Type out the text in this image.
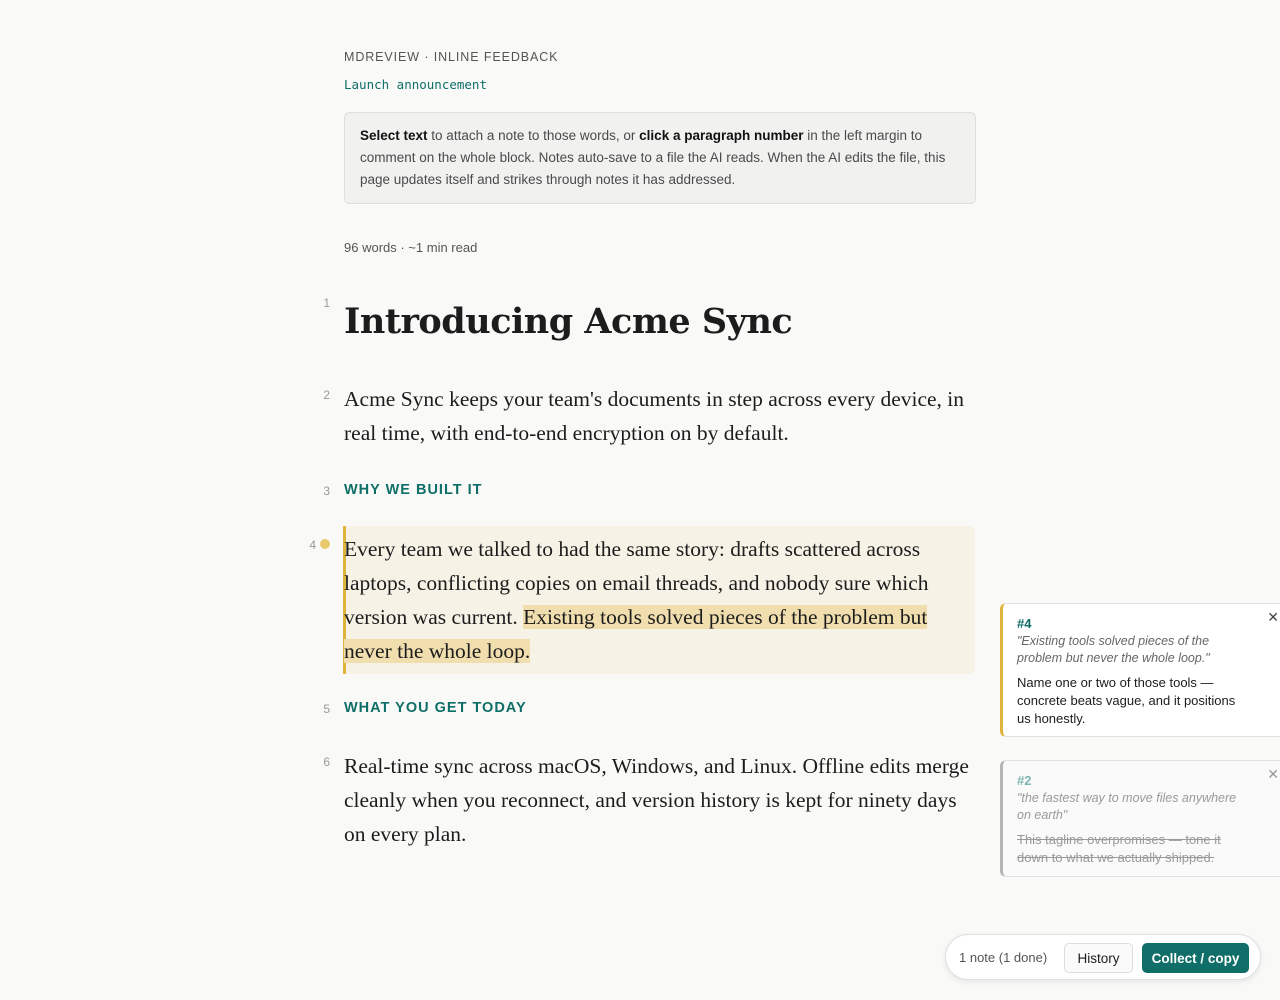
MDREVIEW · INLINE FEEDBACK
Launch announcement
Select text to attach a note to those words, or click a paragraph number in the left margin to comment on the whole block. Notes auto-save to a file the AI reads. When the AI edits the file, this page updates itself and strikes through notes it has addressed.
96 words · ~1 min read
1 Introducing Acme Sync
2 Acme Sync keeps your team's documents in step across every device, in real time, with end-to-end encryption on by default.
3 WHY WE BUILT IT
4 Every team we talked to had the same story: drafts scattered across laptops, conflicting copies on email threads, and nobody sure which version was current. Existing tools solved pieces of the problem but never the whole loop.
5 WHAT YOU GET TODAY
6 Real-time sync across macOS, Windows, and Linux. Offline edits merge cleanly when you reconnect, and version history is kept for ninety days on every plan.
#4
"Existing tools solved pieces of the problem but never the whole loop."
Name one or two of those tools — concrete beats vague, and it positions us honestly.
✕
#2
"the fastest way to move files anywhere on earth"
This tagline overpromises — tone it down to what we actually shipped.
✕
1 note (1 done)	History	Collect / copy
